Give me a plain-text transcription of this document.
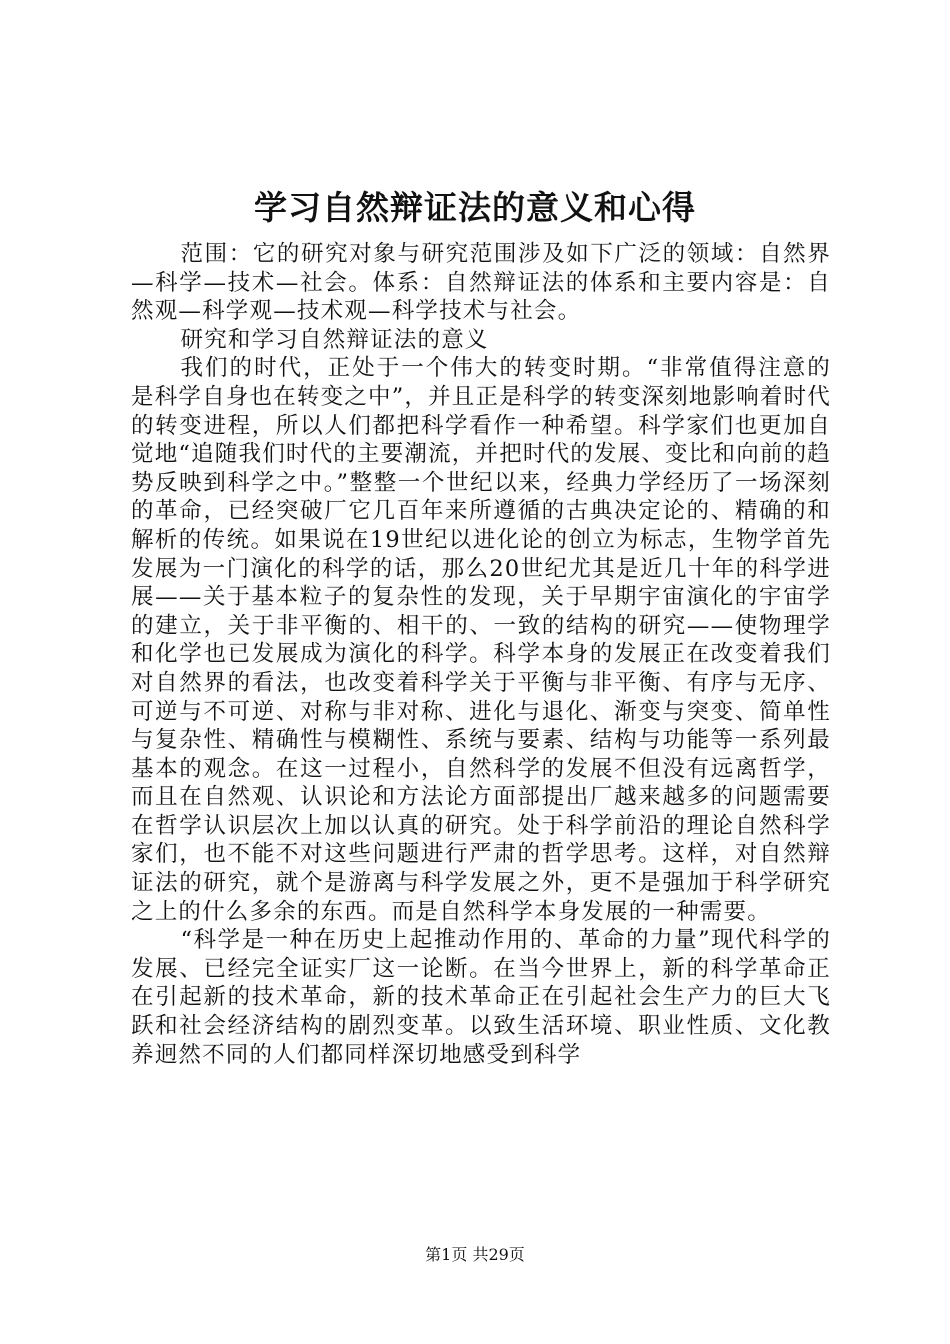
学习自然辩证法的意义和心得

范围：它的研究对象与研究范围涉及如下广泛的领域：自然界—科学—技术—社会。体系：自然辩证法的体系和主要内容是：自然观—科学观—技术观—科学技术与社会。

研究和学习自然辩证法的意义

我们的时代，正处于一个伟大的转变时期。“非常值得注意的是科学自身也在转变之中”，并且正是科学的转变深刻地影响着时代的转变进程，所以人们都把科学看作一种希望。科学家们也更加自觉地“追随我们时代的主要潮流，并把时代的发展、变比和向前的趋势反映到科学之中。”整整一个世纪以来，经典力学经历了一场深刻的革命，已经突破厂它几百年来所遵循的古典决定论的、精确的和解析的传统。如果说在19世纪以进化论的创立为标志，生物学首先发展为一门演化的科学的话，那么20世纪尤其是近几十年的科学进展——关于基本粒子的复杂性的发现，关于早期宇宙演化的宇宙学的建立，关于非平衡的、相干的、一致的结构的研究——使物理学和化学也已发展成为演化的科学。科学本身的发展正在改变着我们对自然界的看法，也改变着科学关于平衡与非平衡、有序与无序、可逆与不可逆、对称与非对称、进化与退化、渐变与突变、简单性与复杂性、精确性与模糊性、系统与要素、结构与功能等一系列最基本的观念。在这一过程小，自然科学的发展不但没有远离哲学，而且在自然观、认识论和方法论方面部提出厂越来越多的问题需要在哲学认识层次上加以认真的研究。处于科学前沿的理论自然科学家们，也不能不对这些问题进行严肃的哲学思考。这样，对自然辩证法的研究，就个是游离与科学发展之外，更不是强加于科学研究之上的什么多余的东西。而是自然科学本身发展的一种需要。

“科学是一种在历史上起推动作用的、革命的力量”现代科学的发展、已经完全证实厂这一论断。在当今世界上，新的科学革命正在引起新的技术革命，新的技术革命正在引起社会生产力的巨大飞跃和社会经济结构的剧烈变革。以致生活环境、职业性质、文化教养迥然不同的人们都同样深切地感受到科学

第1页 共29页
